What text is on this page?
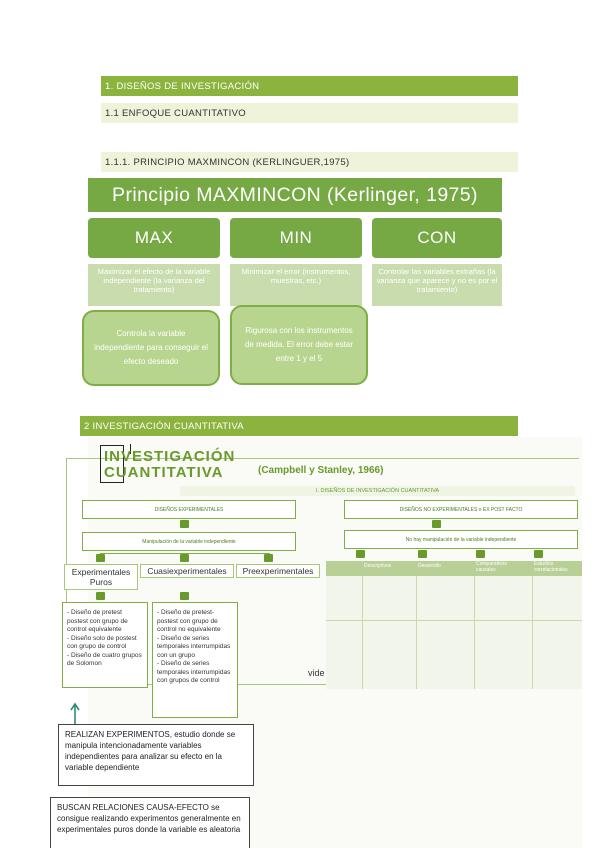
1. DISEÑOS DE INVESTIGACIÓN
1.1 ENFOQUE CUANTITATIVO
1.1.1. PRINCIPIO MAXMINCON (KERLINGUER,1975)
Principio MAXMINCON (Kerlinger, 1975)
MAX	MIN	CON
Maximizar el efecto de la variable independiente (la varianza del tratamiento)
Minimizar el error (instrumentos, muestras, etc.)
Controlar las variables extrañas (la varianza que aparece y no es por el tratamiento)
Controla la variable independiente para conseguir el efecto deseado
Rigurosa con los instrumentos de medida. El error debe estar entre 1 y el 5
2 INVESTIGACIÓN CUANTITATIVA
INVESTIGACIÓN
CUANTITATIVA	(Campbell y Stanley, 1966)
I. DISEÑOS DE INVESTIGACIÓN CUANTITATIVA
DISEÑOS EXPERIMENTALES	DISEÑOS NO EXPERIMENTALES o EX POST FACTO
Manipulación de la variable independiente	No hay manipulación de la variable independiente
Experimentales Puros
Cuasiexperimentales	Preexperimentales
- Diseño de pretest postest con grupo de control equivalente
- Diseño solo de postest con grupo de control
- Diseño de cuatro grupos de Solomon
- Diseño de pretest-postest con grupo de control no equivalente
- Diseño de series temporales interrumpidas con un grupo
- Diseño de series temporales interrumpidas con grupos de control
Descriptivos	Desarrollo	Comparativos causales
Estudios correlacionales
vide
REALIZAN EXPERIMENTOS, estudio donde se manipula intencionadamente variables independientes para analizar su efecto en la variable dependiente
BUSCAN RELACIONES CAUSA-EFECTO se consigue realizando experimentos generalmente en experimentales puros donde la variable es aleatoria
